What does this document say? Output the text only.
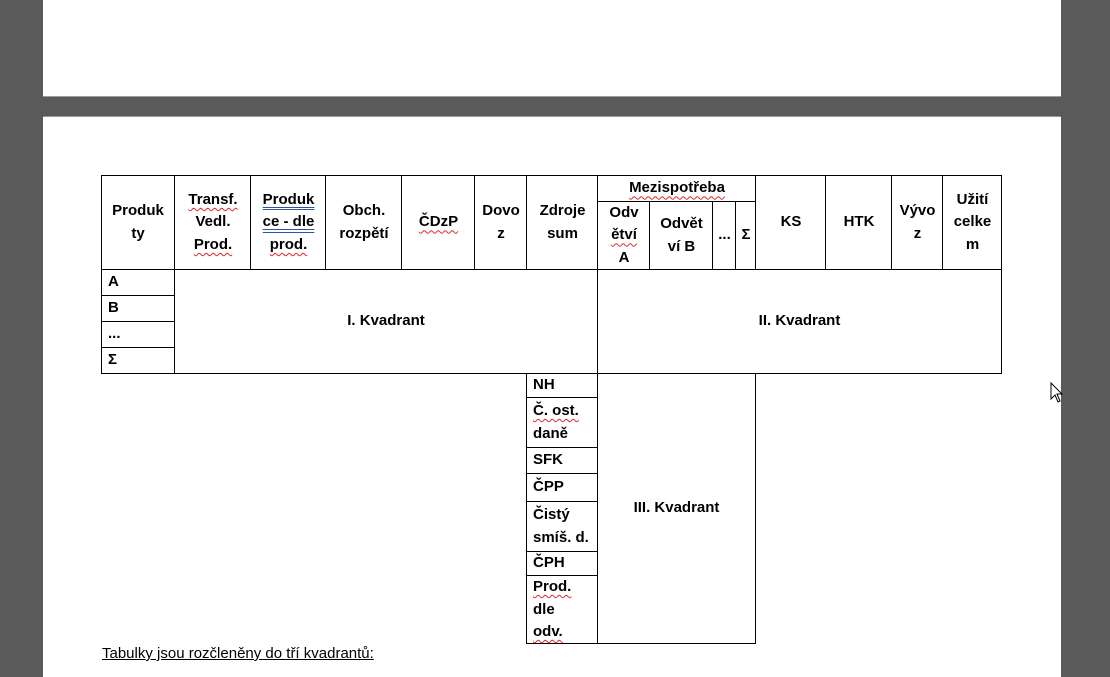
Produk
ty
Transf.
Vedl.
Prod.
Produk
ce - dle
prod.
Obch.
rozpětí
ČDzP
Dovo
z
Zdroje
sum
Mezispotřeba
Odv
ětví
A
Odvět
ví B
... Σ
KS	HTK
Vývo
z
Užití
celke
m
A
B
...
Σ
I. Kvadrant	II. Kvadrant
III. Kvadrant
NH
Č. ost.
daně
SFK
ČPP
Čistý
smíš. d.
ČPH
Prod.
dle
odv.
Tabulky jsou rozčleněny do tří kvadrantů:
